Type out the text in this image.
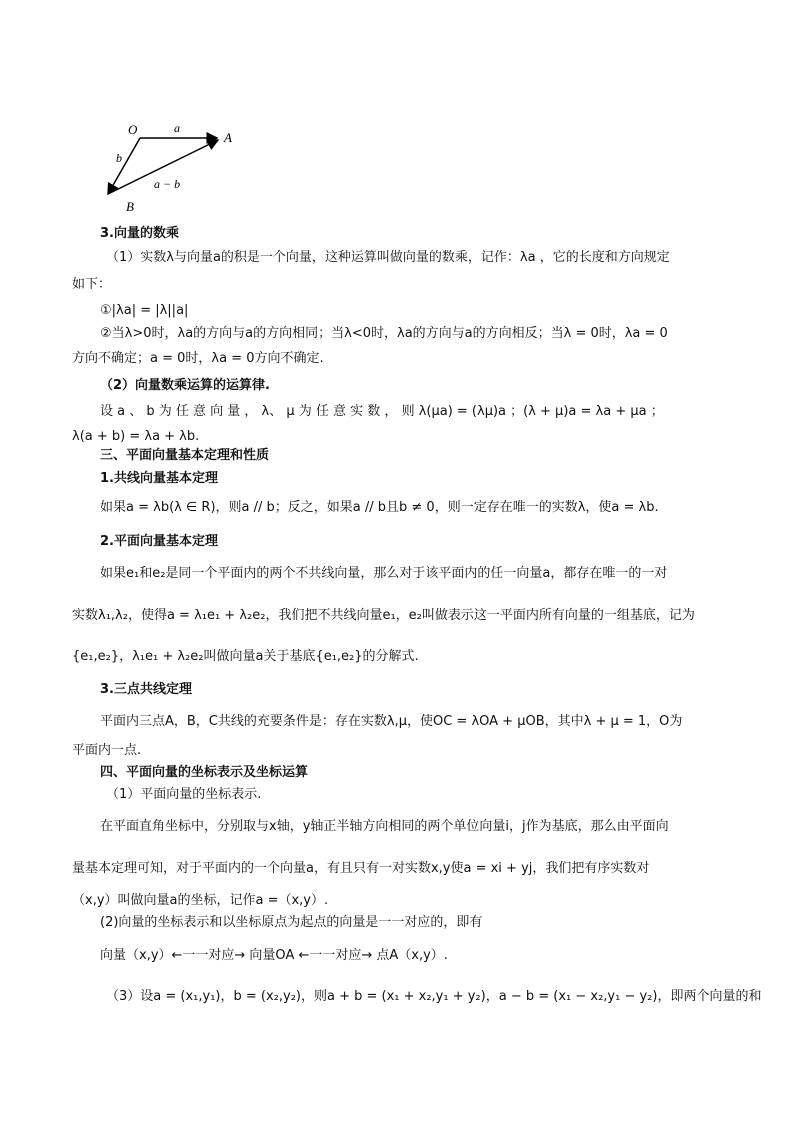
O
A
B
a
b
a − b
3.向量的数乘
（1）实数λ与向量a的积是一个向量，这种运算叫做向量的数乘，记作：λa ，它的长度和方向规定
如下：
①|λa| = |λ||a|
②当λ>0时，λa的方向与a的方向相同；当λ<0时，λa的方向与a的方向相反；当λ = 0时，λa = 0
方向不确定；a = 0时，λa = 0方向不确定.
（2）向量数乘运算的运算律.
设 a 、 b 为 任 意 向 量 ， λ、 μ 为 任 意 实 数 ， 则 λ(μa) = (λμ)a ；(λ + μ)a = λa + μa ；
λ(a + b) = λa + λb.
三、平面向量基本定理和性质
1.共线向量基本定理
如果a = λb(λ ∈ R)，则a // b；反之，如果a // b且b ≠ 0，则一定存在唯一的实数λ，使a = λb.
2.平面向量基本定理
如果e₁和e₂是同一个平面内的两个不共线向量，那么对于该平面内的任一向量a，都存在唯一的一对
实数λ₁,λ₂，使得a = λ₁e₁ + λ₂e₂，我们把不共线向量e₁，e₂叫做表示这一平面内所有向量的一组基底，记为
{e₁,e₂}，λ₁e₁ + λ₂e₂叫做向量a关于基底{e₁,e₂}的分解式.
3.三点共线定理
平面内三点A，B，C共线的充要条件是：存在实数λ,μ，使OC = λOA + μOB，其中λ + μ = 1，O为
平面内一点.
四、平面向量的坐标表示及坐标运算
（1）平面向量的坐标表示.
在平面直角坐标中，分别取与x轴，y轴正半轴方向相同的两个单位向量i，j作为基底，那么由平面向
量基本定理可知，对于平面内的一个向量a，有且只有一对实数x,y使a = xi + yj，我们把有序实数对
（x,y）叫做向量a的坐标，记作a =（x,y）.
(2)向量的坐标表示和以坐标原点为起点的向量是一一对应的，即有
向量（x,y）←一一对应→ 向量OA ←一一对应→ 点A（x,y）.
（3）设a = (x₁,y₁)，b = (x₂,y₂)，则a + b = (x₁ + x₂,y₁ + y₂)，a − b = (x₁ − x₂,y₁ − y₂)，即两个向量的和
